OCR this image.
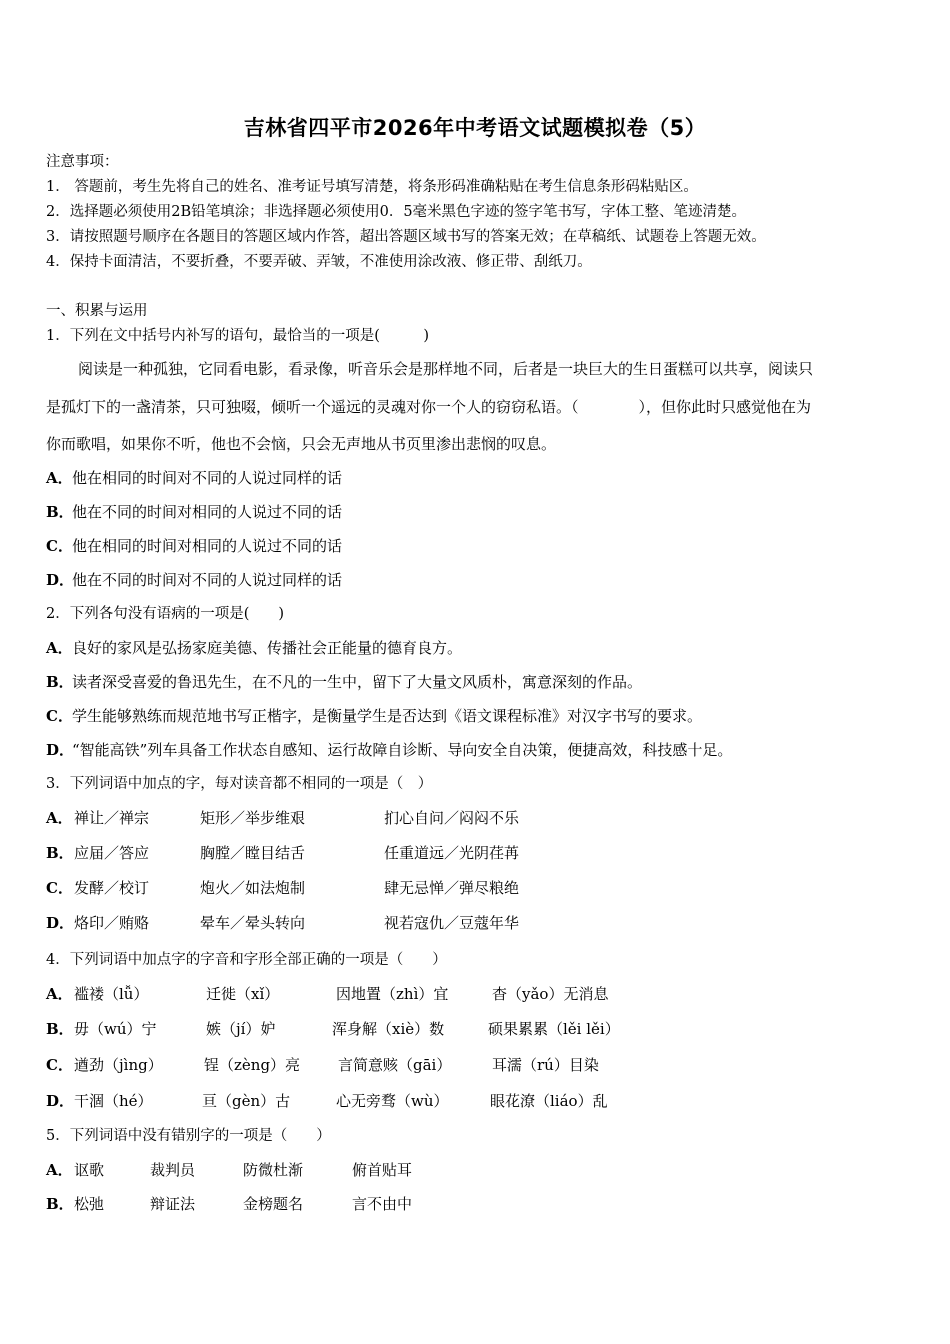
吉林省四平市2026年中考语文试题模拟卷（5）
注意事项：
1． 答题前，考生先将自己的姓名、准考证号填写清楚，将条形码准确粘贴在考生信息条形码粘贴区。
2．选择题必须使用2B铅笔填涂；非选择题必须使用0．5毫米黑色字迹的签字笔书写，字体工整、笔迹清楚。
3．请按照题号顺序在各题目的答题区域内作答，超出答题区域书写的答案无效；在草稿纸、试题卷上答题无效。
4．保持卡面清洁，不要折叠，不要弄破、弄皱，不准使用涂改液、修正带、刮纸刀。
一、积累与运用
1．下列在文中括号内补写的语句，最恰当的一项是(　　　)
阅读是一种孤独，它同看电影，看录像，听音乐会是那样地不同，后者是一块巨大的生日蛋糕可以共享，阅读只
是孤灯下的一盏清茶，只可独啜，倾听一个遥远的灵魂对你一个人的窃窃私语。（　　　　），但你此时只感觉他在为
你而歌唱，如果你不听，他也不会恼，只会无声地从书页里渗出悲悯的叹息。
A．他在相同的时间对不同的人说过同样的话
B．他在不同的时间对相同的人说过不同的话
C．他在相同的时间对相同的人说过不同的话
D．他在不同的时间对不同的人说过同样的话
2．下列各句没有语病的一项是(　　)
A．良好的家风是弘扬家庭美德、传播社会正能量的德育良方。
B．读者深受喜爱的鲁迅先生，在不凡的一生中，留下了大量文风质朴，寓意深刻的作品。
C．学生能够熟练而规范地书写正楷字，是衡量学生是否达到《语文课程标准》对汉字书写的要求。
D．“智能高铁”列车具备工作状态自感知、运行故障自诊断、导向安全自决策，便捷高效，科技感十足。
3．下列词语中加点的字，每对读音都不相同的一项是（　）
A． 禅让／禅宗	矩形／举步维艰	扪心自问／闷闷不乐
B． 应届／答应	胸膛／瞠目结舌	任重道远／光阴荏苒
C． 发酵／校订	炮火／如法炮制	肆无忌惮／弹尽粮绝
D． 烙印／贿赂	晕车／晕头转向	视若寇仇／豆蔻年华
4．下列词语中加点字的字音和字形全部正确的一项是（　　）
A． 褴褛（lǚ）	迁徙（xǐ）	因地置（zhì）宜	杳（yǎo）无消息
B． 毋（wú）宁	嫉（jí）妒	浑身解（xiè）数	硕果累累（lěi lěi）
C． 遒劲（jìng）	锃（zèng）亮	言简意赅（gāi）	耳濡（rú）目染
D． 干涸（hé）	亘（gèn）古	心无旁骛（wù）	眼花潦（liáo）乱
5．下列词语中没有错别字的一项是（　　）
A． 讴歌	裁判员	防微杜渐	俯首贴耳
B． 松弛	辩证法	金榜题名	言不由中
